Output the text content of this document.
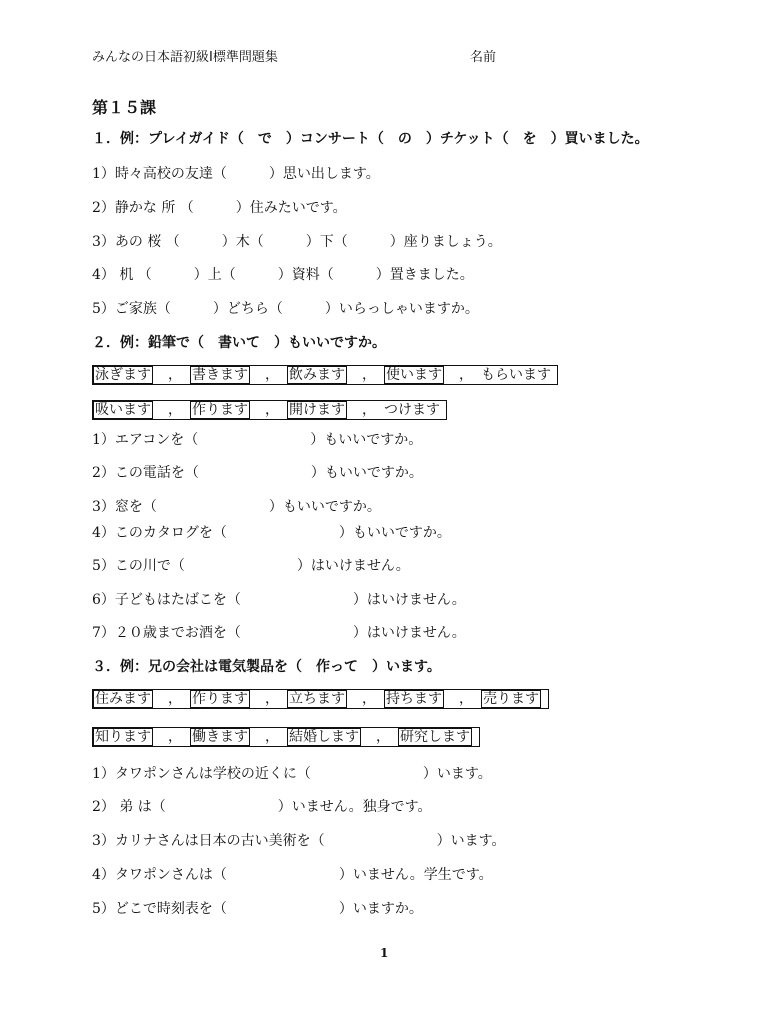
みんなの日本語初級Ⅰ標準問題集	名前
第１５課
１．例：プレイガイド（　で　）コンサート（　の　）チケット（　を　）買いました。
1）時々高校の友達（　　　）思い出します。
2）静かな 所 （　　　）住みたいです。
3）あの 桜 （　　　）木（　　　）下（　　　）座りましょう。
4） 机 （　　　）上（　　　）資料（　　　）置きました。
5）ご家族（　　　）どちら（　　　）いらっしゃいますか。
２．例：鉛筆で（　書いて　）もいいですか。
泳ぎます	， 書きます	， 飲みます	， 使います	， もらいます
吸います	， 作ります	， 開けます	， つけます
1）エアコンを（　　　　　　　　）もいいですか。
2）この電話を（　　　　　　　　）もいいですか。
3）窓を（　　　　　　　　）もいいですか。
4）このカタログを（　　　　　　　　）もいいですか。
5）この川で（　　　　　　　　）はいけません。
6）子どもはたばこを（　　　　　　　　）はいけません。
7）２０歳までお酒を（　　　　　　　　）はいけません。
３．例：兄の会社は電気製品を（　作って　）います。
住みます	， 作ります	， 立ちます	， 持ちます	， 売ります
知ります	， 働きます	， 結婚します	， 研究します
1）タワポンさんは学校の近くに（　　　　　　　　）います。
2） 弟 は（　　　　　　　　）いません。独身です。
3）カリナさんは日本の古い美術を（　　　　　　　　）います。
4）タワポンさんは（　　　　　　　　）いません。学生です。
5）どこで時刻表を（　　　　　　　　）いますか。
1
